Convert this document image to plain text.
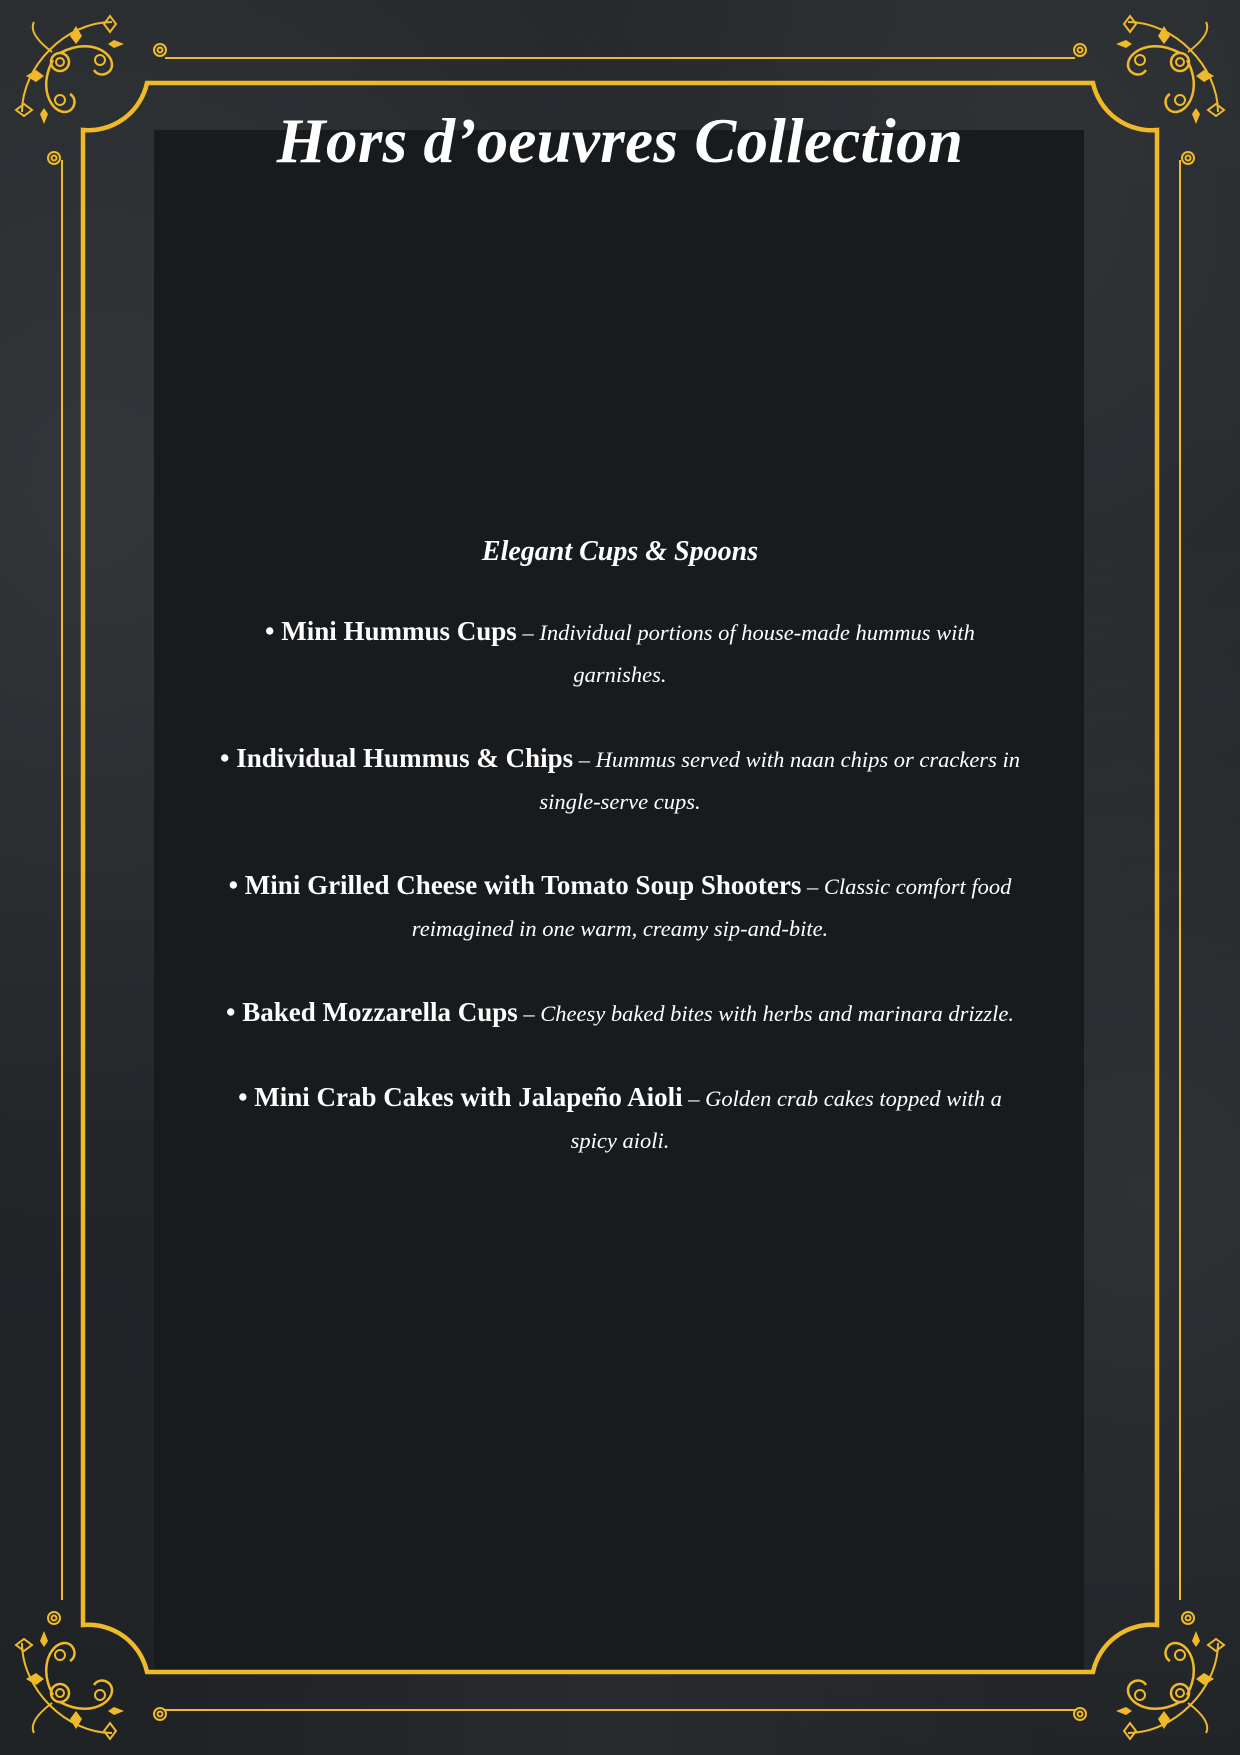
Hors d’oeuvres Collection
Elegant Cups & Spoons

• Mini Hummus Cups – Individual portions of house-made hummus with garnishes.

• Individual Hummus & Chips – Hummus served with naan chips or crackers in single-serve cups.

• Mini Grilled Cheese with Tomato Soup Shooters – Classic comfort food reimagined in one warm, creamy sip-and-bite.

• Baked Mozzarella Cups – Cheesy baked bites with herbs and marinara drizzle.

• Mini Crab Cakes with Jalapeño Aioli – Golden crab cakes topped with a spicy aioli.
